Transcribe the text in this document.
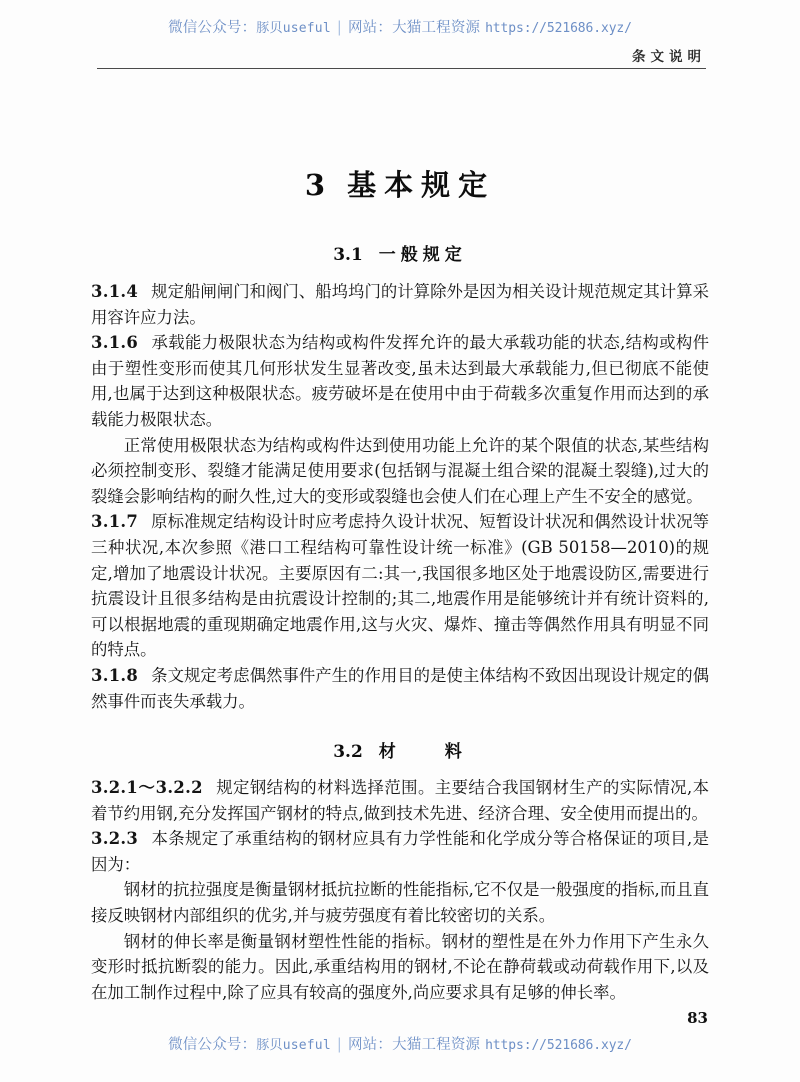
微信公众号：豚贝useful | 网站：大猫工程资源 https://521686.xyz/
条文说明
3 基本规定
3.1 一般规定

3.1.4 规定船闸闸门和阀门、船坞坞门的计算除外是因为相关设计规范规定其计算采用容许应力法。

3.1.6 承载能力极限状态为结构或构件发挥允许的最大承载功能的状态,结构或构件由于塑性变形而使其几何形状发生显著改变,虽未达到最大承载能力,但已彻底不能使用,也属于达到这种极限状态。疲劳破坏是在使用中由于荷载多次重复作用而达到的承载能力极限状态。

正常使用极限状态为结构或构件达到使用功能上允许的某个限值的状态,某些结构必须控制变形、裂缝才能满足使用要求(包括钢与混凝土组合梁的混凝土裂缝),过大的裂缝会影响结构的耐久性,过大的变形或裂缝也会使人们在心理上产生不安全的感觉。

3.1.7 原标准规定结构设计时应考虑持久设计状况、短暂设计状况和偶然设计状况等三种状况,本次参照《港口工程结构可靠性设计统一标准》(GB 50158—2010)的规定,增加了地震设计状况。主要原因有二:其一,我国很多地区处于地震设防区,需要进行抗震设计且很多结构是由抗震设计控制的;其二,地震作用是能够统计并有统计资料的,可以根据地震的重现期确定地震作用,这与火灾、爆炸、撞击等偶然作用具有明显不同的特点。

3.1.8 条文规定考虑偶然事件产生的作用目的是使主体结构不致因出现设计规定的偶然事件而丧失承载力。

3.2 材　　料

3.2.1～3.2.2 规定钢结构的材料选择范围。主要结合我国钢材生产的实际情况,本着节约用钢,充分发挥国产钢材的特点,做到技术先进、经济合理、安全使用而提出的。

3.2.3 本条规定了承重结构的钢材应具有力学性能和化学成分等合格保证的项目,是因为：

钢材的抗拉强度是衡量钢材抵抗拉断的性能指标,它不仅是一般强度的指标,而且直接反映钢材内部组织的优劣,并与疲劳强度有着比较密切的关系。

钢材的伸长率是衡量钢材塑性性能的指标。钢材的塑性是在外力作用下产生永久变形时抵抗断裂的能力。因此,承重结构用的钢材,不论在静荷载或动荷载作用下,以及在加工制作过程中,除了应具有较高的强度外,尚应要求具有足够的伸长率。

83
微信公众号：豚贝useful | 网站：大猫工程资源 https://521686.xyz/
